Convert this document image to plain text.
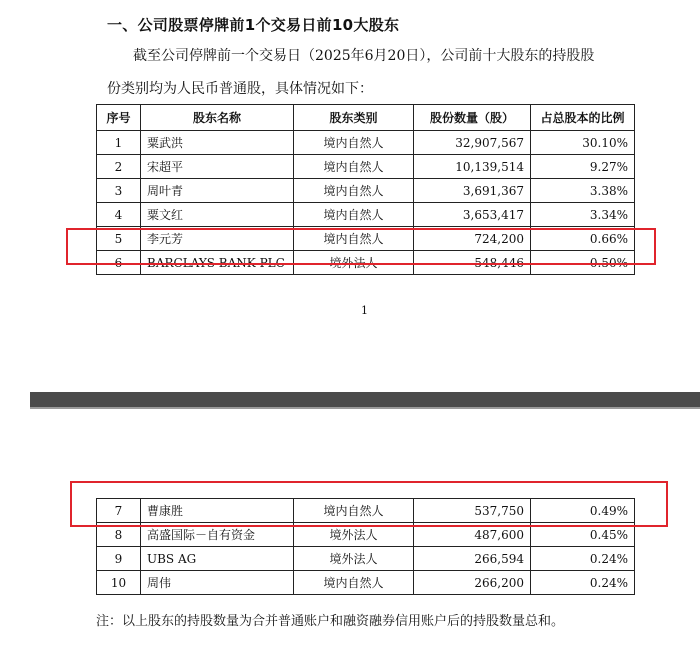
一、公司股票停牌前1个交易日前10大股东
截至公司停牌前一个交易日（2025年6月20日），公司前十大股东的持股股
份类别均为人民币普通股，具体情况如下：
序号	股东名称	股东类别	股份数量（股）	占总股本的比例
1	粟武洪	境内自然人	32,907,567	30.10%
2	宋超平	境内自然人	10,139,514	9.27%
3	周叶青	境内自然人	3,691,367	3.38%
4	粟文红	境内自然人	3,653,417	3.34%
5	李元芳	境内自然人	724,200	0.66%
6	BARCLAYS BANK PLC	境外法人	548,446	0.50%
1
7	曹康胜	境内自然人	537,750	0.49%
8	高盛国际－自有资金	境外法人	487,600	0.45%
9	UBS AG	境外法人	266,594	0.24%
10	周伟	境内自然人	266,200	0.24%
注：以上股东的持股数量为合并普通账户和融资融券信用账户后的持股数量总和。
